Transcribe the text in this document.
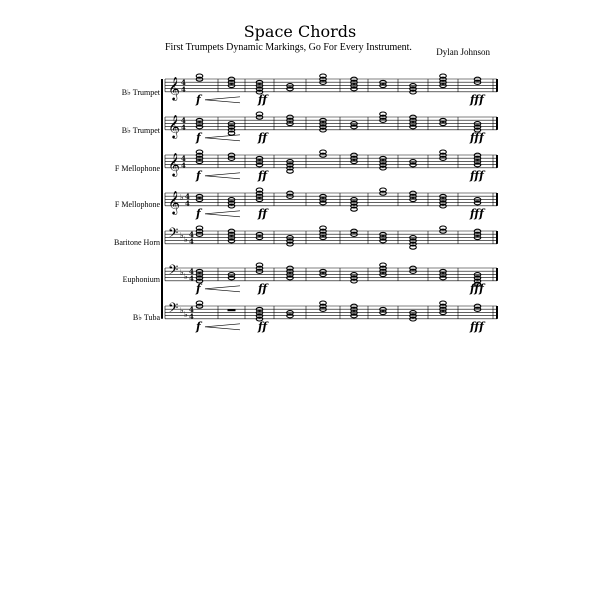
Space Chords
First Trumpets Dynamic Markings, Go For Every Instrument.	Dylan Johnson
B♭ Trumpet
B♭ Trumpet
F Mellophone
F Mellophone
Baritone Horn
Euphonium
B♭ Tuba
𝄞 4
4
f	ff	fff
𝄞 4
4
f	ff	fff
𝄞 4
4
f	ff	fff
𝄞 ♭ 4
4
f	ff	fff
𝄢 ♭ ♭
4
4
𝄢 ♭ ♭
4
4
f	ff	fff
𝄢 ♭ ♭
4
4
f	ff	fff
